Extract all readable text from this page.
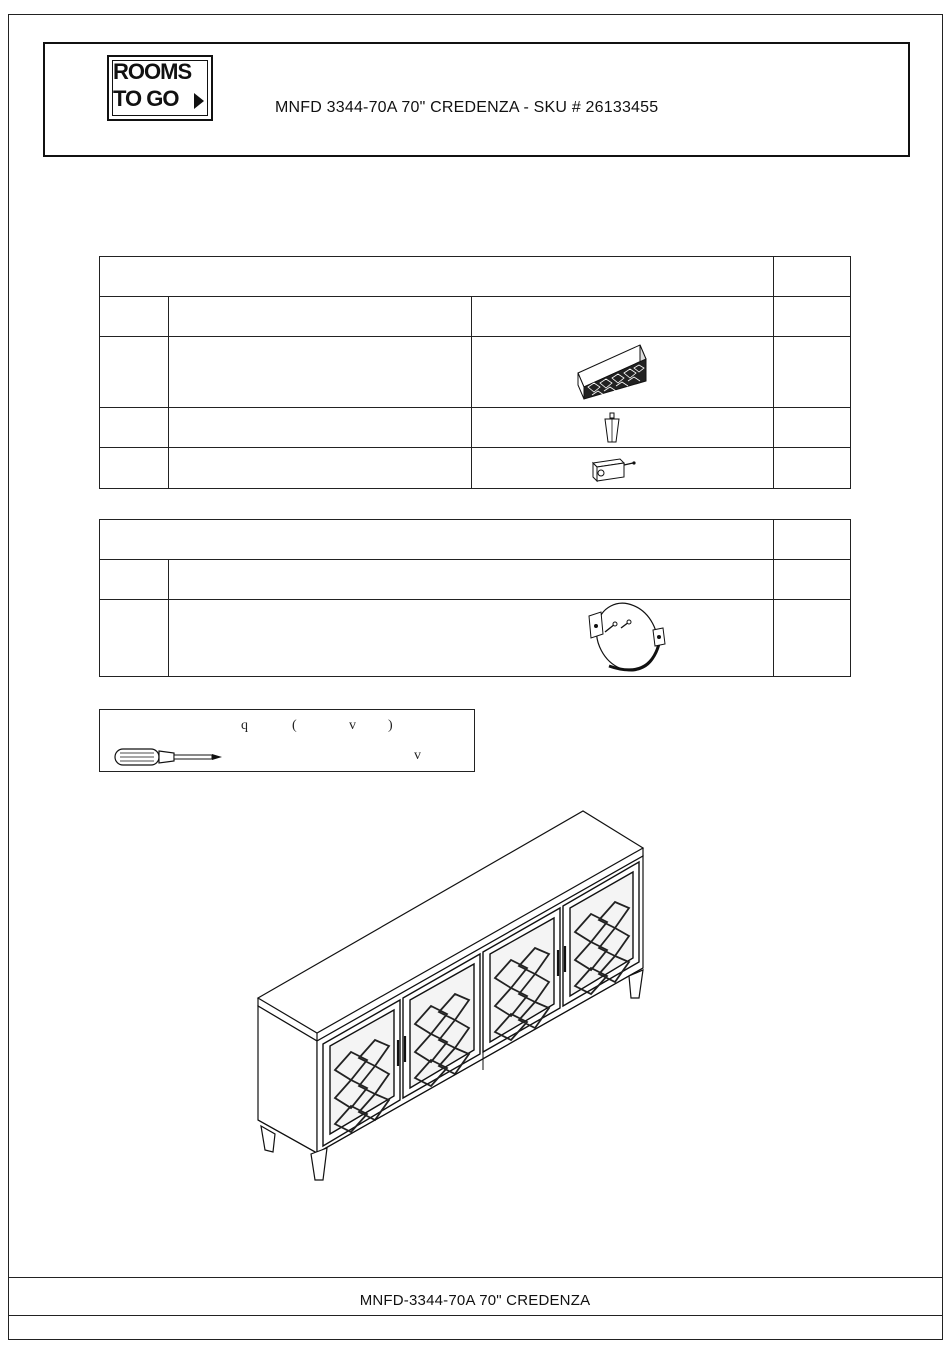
ROOMS
TO GO	MNFD 3344-70A 70" CREDENZA - SKU # 26133455

q	(	v )
v
MNFD-3344-70A 70" CREDENZA
